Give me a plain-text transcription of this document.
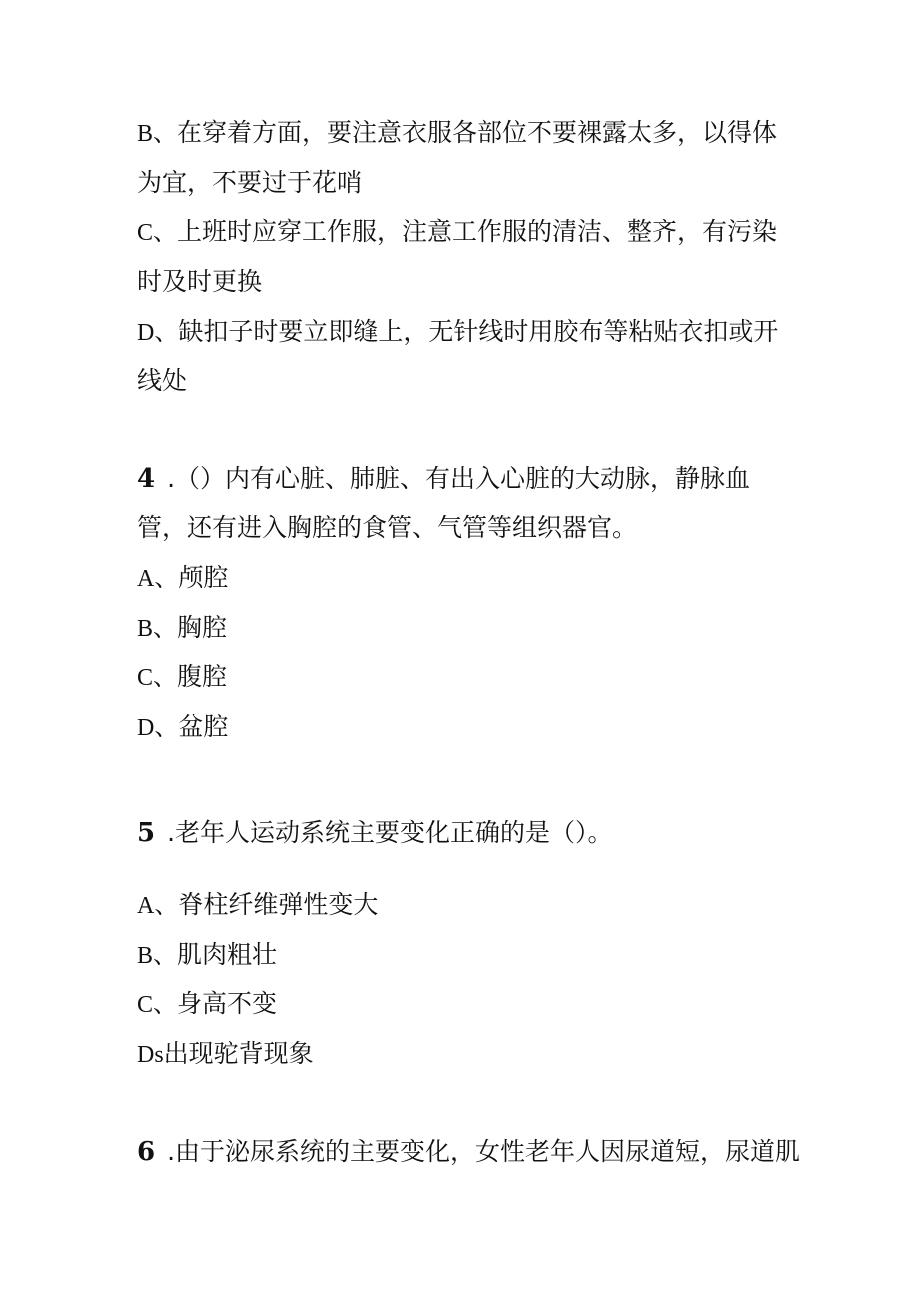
B、在穿着方面，要注意衣服各部位不要裸露太多，以得体
为宜，不要过于花哨
C、上班时应穿工作服，注意工作服的清洁、整齐，有污染
时及时更换
D、缺扣子时要立即缝上，无针线时用胶布等粘贴衣扣或开
线处
4 .（）内有心脏、肺脏、有出入心脏的大动脉，静脉血
管，还有进入胸腔的食管、气管等组织器官。
A、颅腔
B、胸腔
C、腹腔
D、盆腔
5 .老年人运动系统主要变化正确的是（）。
A、脊柱纤维弹性变大
B、肌肉粗壮
C、身高不变
Ds出现驼背现象
6 .由于泌尿系统的主要变化，女性老年人因尿道短，尿道肌
